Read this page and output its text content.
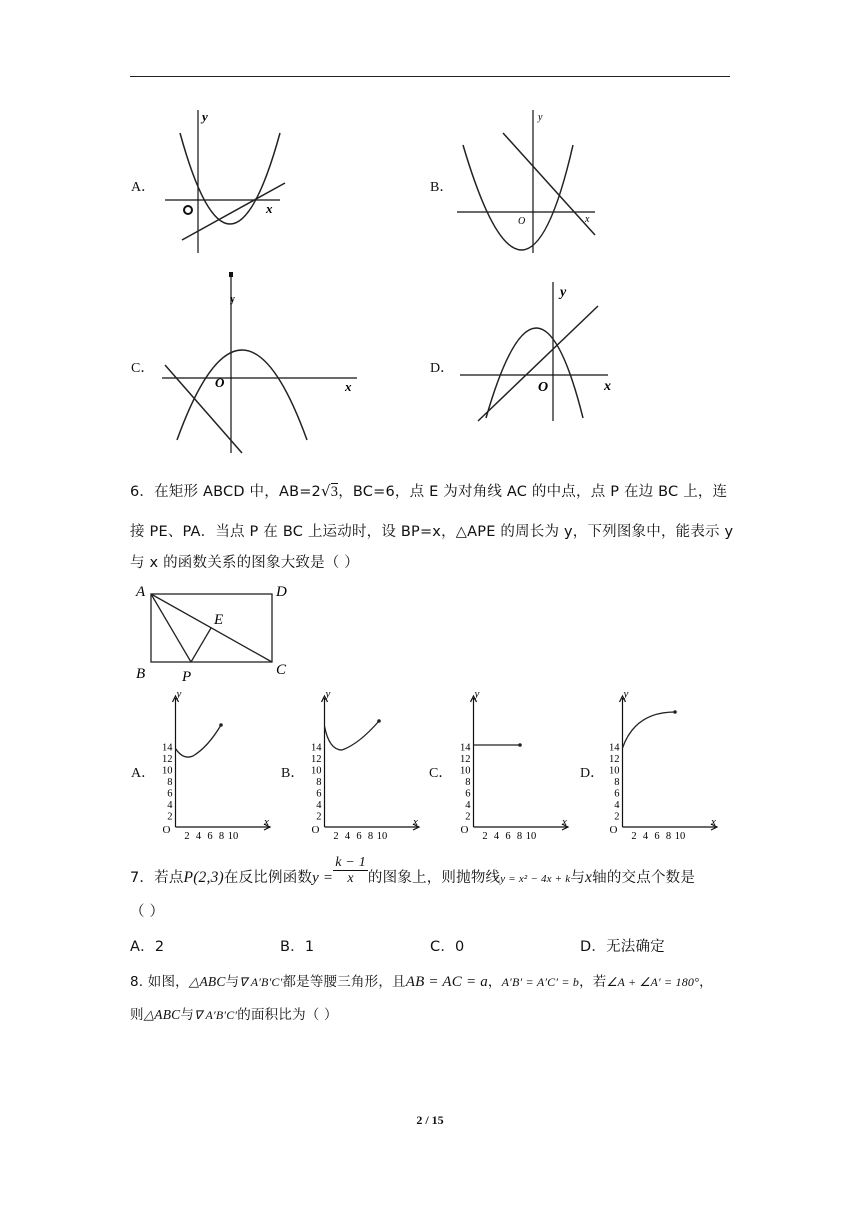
A．
y
x
B．
y
x
O
C．
y
x
O
D．
y
x
O
6．在矩形 ABCD 中，AB=2√3，BC=6，点 E 为对角线 AC 的中点，点 P 在边 BC 上，连
接 PE、PA．当点 P 在 BC 上运动时，设 BP=x，△APE 的周长为 y，下列图象中，能表示 y
与 x 的函数关系的图象大致是（ ）
A	D
B	C
E
P
A．	B．	C．	D．
y
x
O
14
12
10
8
6
4
2
2 4 6 8 10
y
x
O
14
12
10
8
6
4
2
2 4 6 8 10
y
x
O
14
12
10
8
6
4
2
2 4 6 8 10
y
x
O
14
12
10
8
6
4
2
2 4 6 8 10
7．若点P(2,3)在反比例函数$y = \frac{k - 1}{x}$ 的图象上，则抛物线$_{y = x^2 - 4x + k}$与x轴的交点个数是
（ ）
A．2	B．1	C．0	D．无法确定
8. 如图，△ABC与∇ A′B′C′都是等腰三角形，且AB = AC = a，A′B′ = A′C′ = b，若∠A + ∠A′ = 180°，
则△ABC与∇ A′B′C′的面积比为（ ）
2 / 15
